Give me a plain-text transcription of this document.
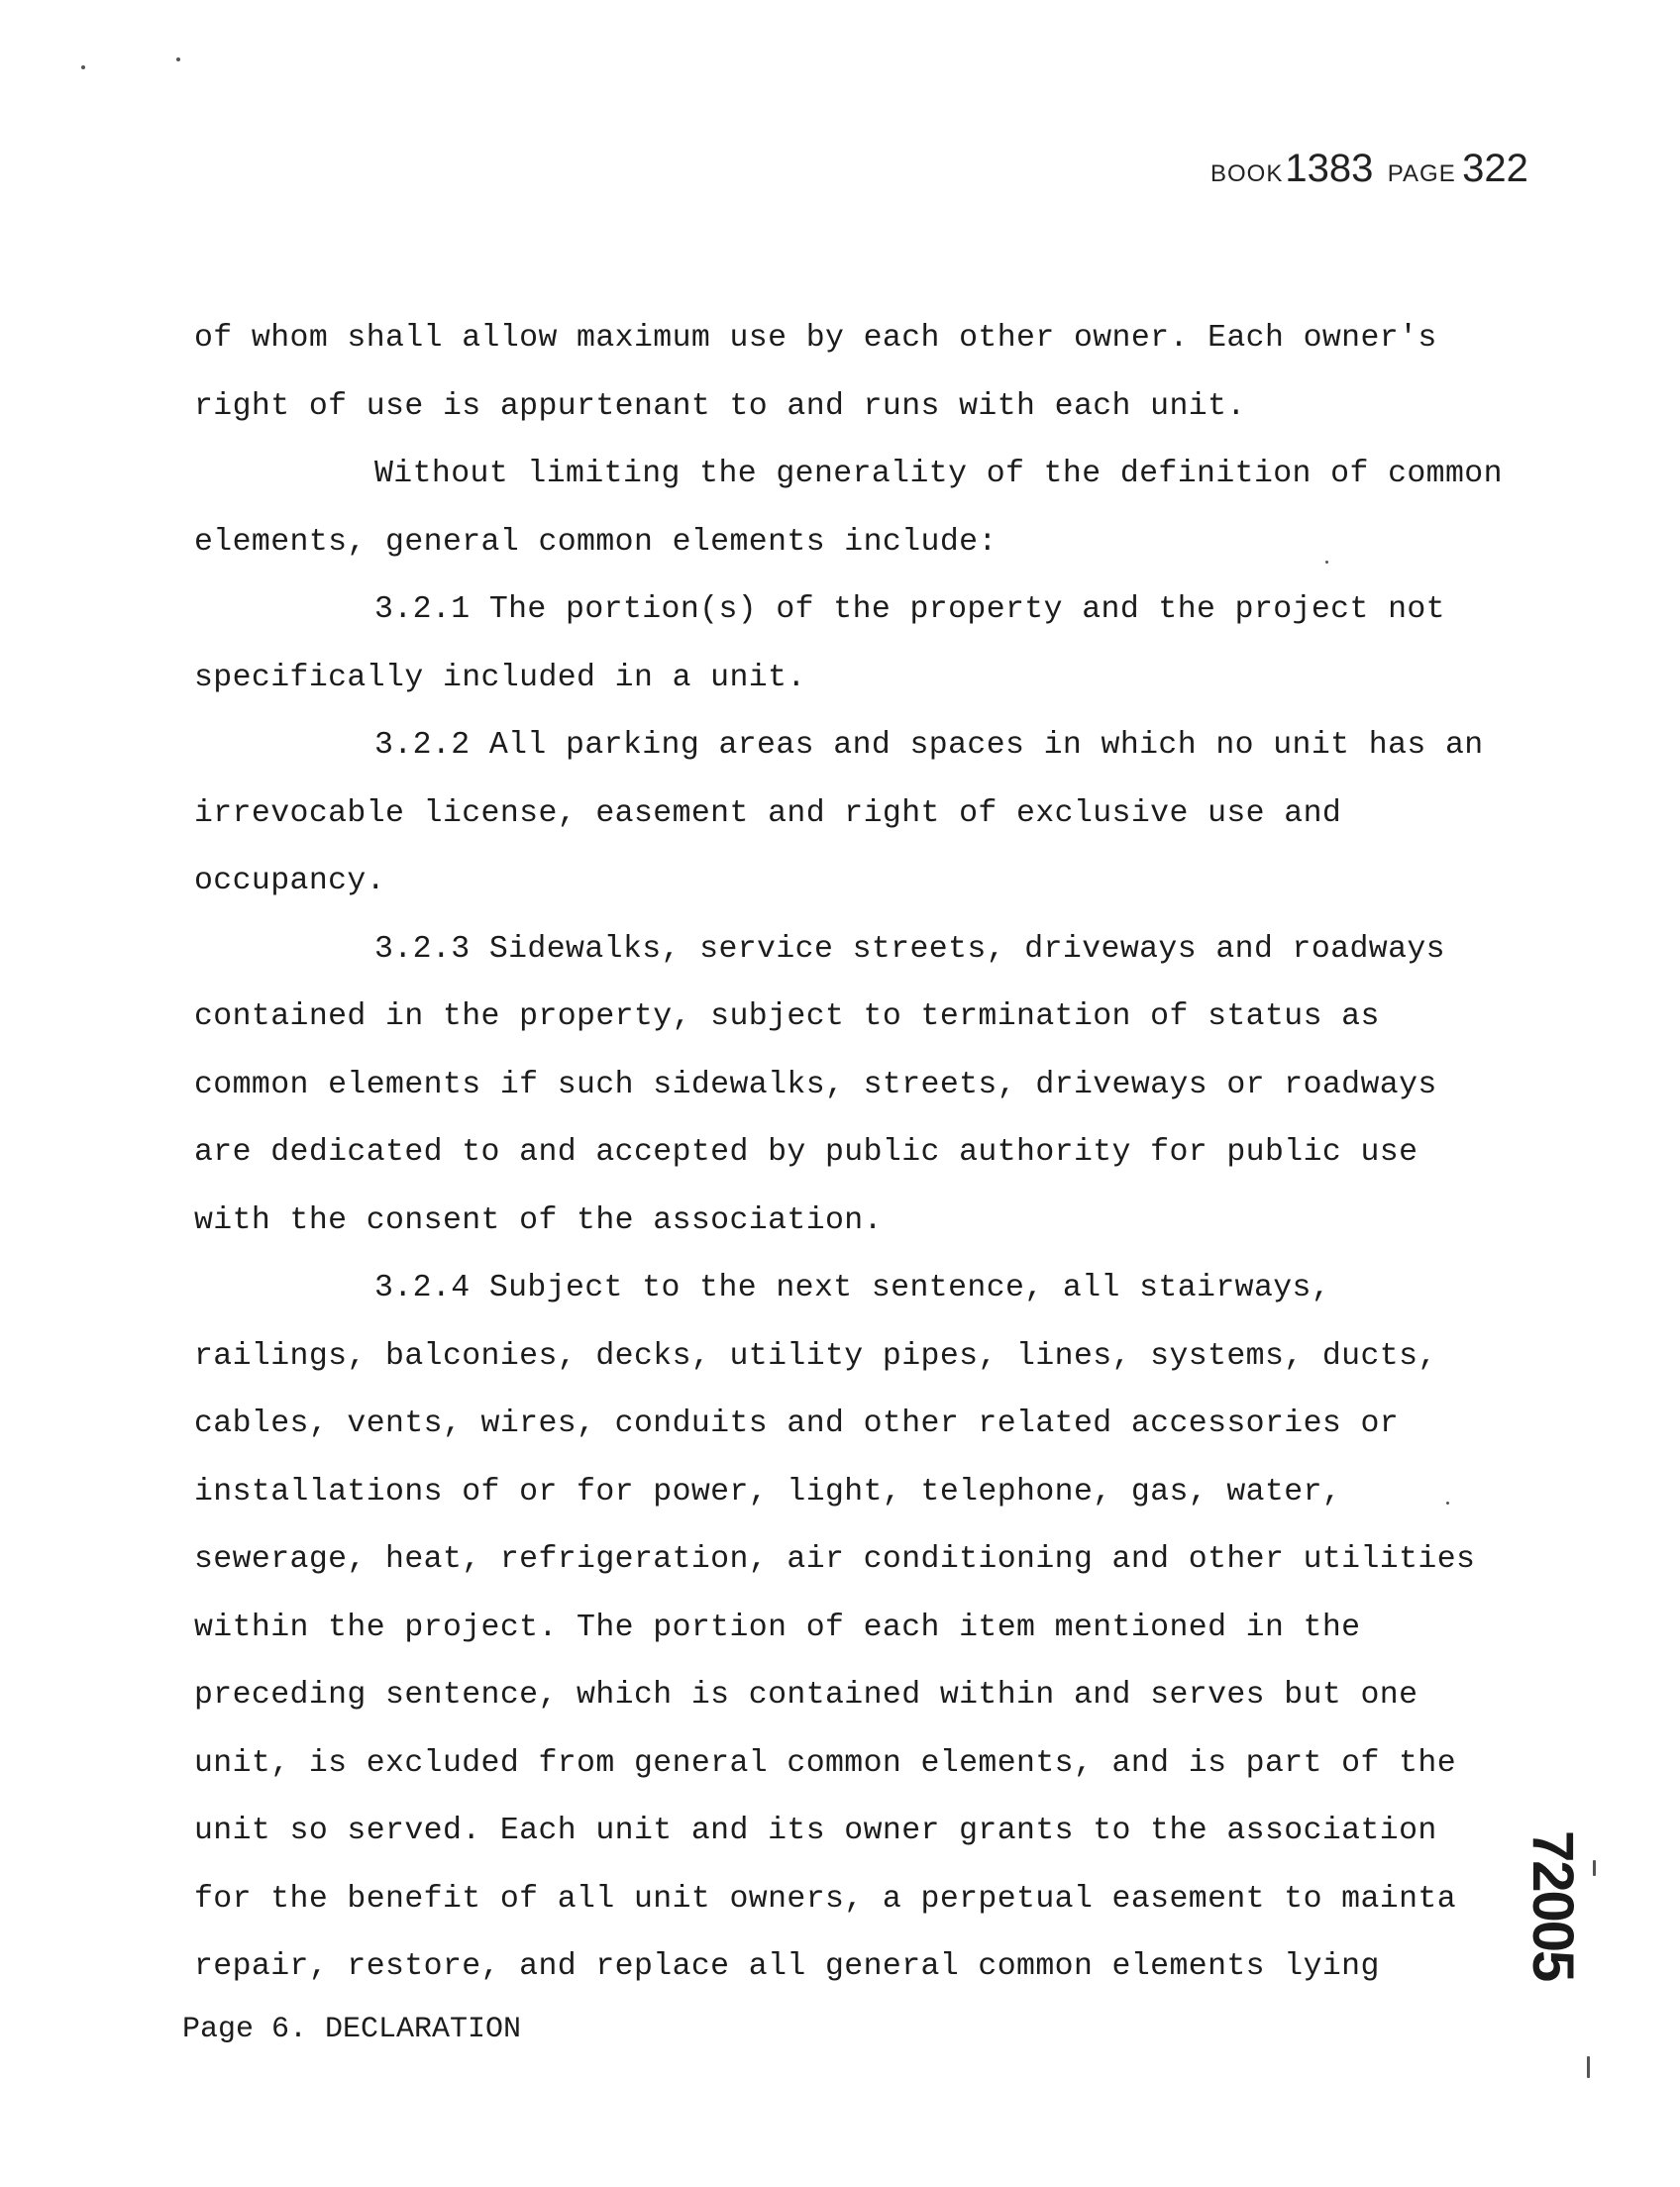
BOOK1383 PAGE 322
of whom shall allow maximum use by each other owner. Each owner's
right of use is appurtenant to and runs with each unit.
Without limiting the generality of the definition of common
elements, general common elements include:
3.2.1 The portion(s) of the property and the project not
specifically included in a unit.
3.2.2 All parking areas and spaces in which no unit has an
irrevocable license, easement and right of exclusive use and
occupancy.
3.2.3 Sidewalks, service streets, driveways and roadways
contained in the property, subject to termination of status as
common elements if such sidewalks, streets, driveways or roadways
are dedicated to and accepted by public authority for public use
with the consent of the association.
3.2.4 Subject to the next sentence, all stairways,
railings, balconies, decks, utility pipes, lines, systems, ducts,
cables, vents, wires, conduits and other related accessories or
installations of or for power, light, telephone, gas, water,
sewerage, heat, refrigeration, air conditioning and other utilities
within the project. The portion of each item mentioned in the
preceding sentence, which is contained within and serves but one
unit, is excluded from general common elements, and is part of the
unit so served. Each unit and its owner grants to the association
for the benefit of all unit owners, a perpetual easement to mainta
repair, restore, and replace all general common elements lying
Page 6. DECLARATION
72005
